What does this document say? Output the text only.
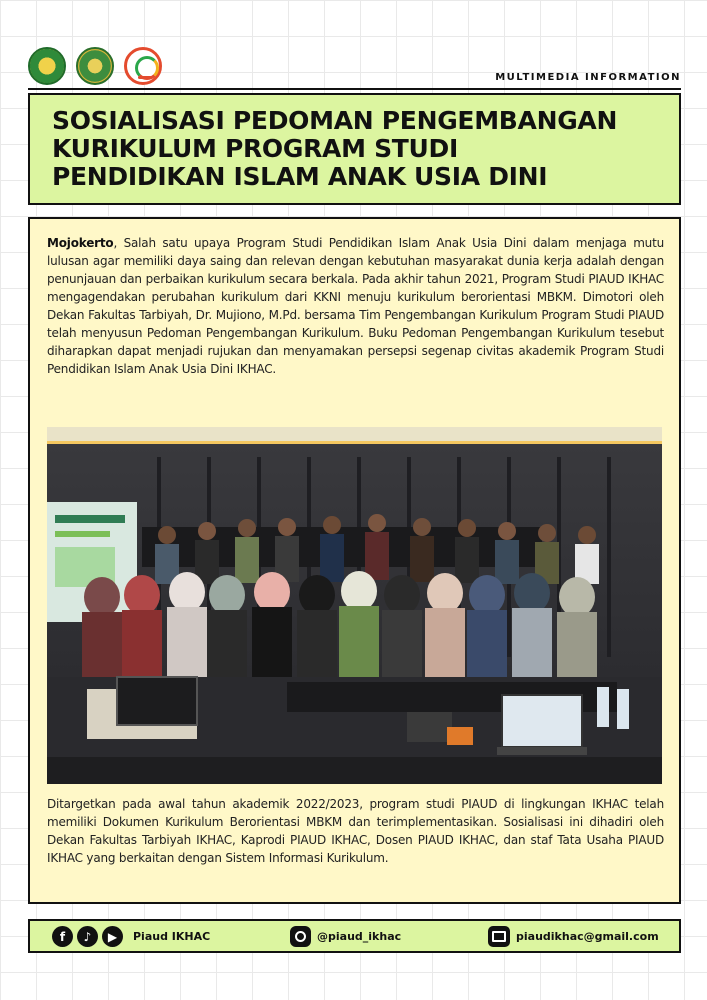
MULTIMEDIA INFORMATION
SOSIALISASI PEDOMAN PENGEMBANGAN
KURIKULUM PROGRAM STUDI
PENDIDIKAN ISLAM ANAK USIA DINI

Mojokerto, Salah satu upaya Program Studi Pendidikan Islam Anak Usia Dini dalam menjaga mutu lulusan agar memiliki daya saing dan relevan dengan kebutuhan masyarakat dunia kerja adalah dengan penunjauan dan perbaikan kurikulum secara berkala. Pada akhir tahun 2021, Program Studi PIAUD IKHAC mengagendakan perubahan kurikulum dari KKNI menuju kurikulum berorientasi MBKM. Dimotori oleh Dekan Fakultas Tarbiyah, Dr. Mujiono, M.Pd. bersama Tim Pengembangan Kurikulum Program Studi PIAUD telah menyusun Pedoman Pengembangan Kurikulum. Buku Pedoman Pengembangan Kurikulum tesebut diharapkan dapat menjadi rujukan dan menyamakan persepsi segenap civitas akademik Program Studi Pendidikan Islam Anak Usia Dini IKHAC.

Ditargetkan pada awal tahun akademik 2022/2023, program studi PIAUD di lingkungan IKHAC telah memiliki Dokumen Kurikulum Berorientasi MBKM dan terimplementasikan. Sosialisasi ini dihadiri oleh Dekan Fakultas Tarbiyah IKHAC, Kaprodi PIAUD IKHAC, Dosen PIAUD IKHAC, dan staf Tata Usaha PIAUD IKHAC yang berkaitan dengan Sistem Informasi Kurikulum.

f	♪	▶	Piaud IKHAC	@piaud_ikhac	piaudikhac@gmail.com
